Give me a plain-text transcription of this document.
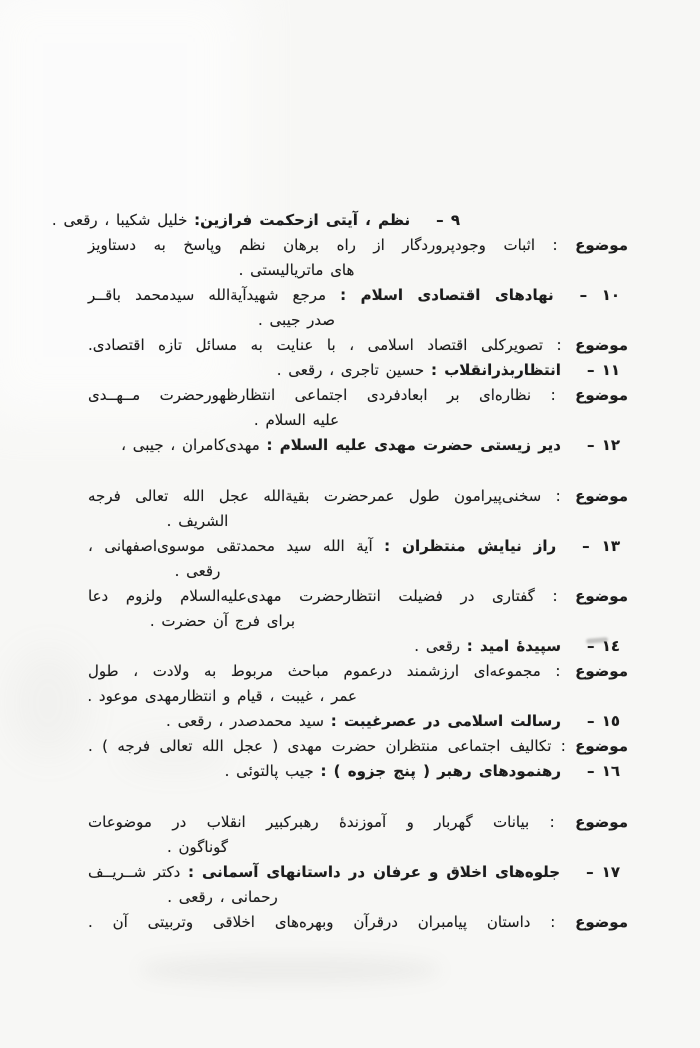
٩ –نظم ، آیتی ازحکمت فرازین: خلیل شکیبا ، رقعی .
موضوع : اثبات وجودپروردگار از راه برهان نظم وپاسخ به دستاویز
های ماتریالیستی .
١٠ –نهادهای اقتصادی اسلام : مرجع شهیدآیة‌الله سیدمحمد باقــر
صدر جیبی .
موضوع : تصویرکلی اقتصاد اسلامی ، با عنایت به مسائل تازه اقتصادی.
١١ –انتظاربذرانقلاب : حسین تاجری ، رقعی .
موضوع : نظاره‌ای بر ابعادفردی اجتماعی انتظارظهورحضرت مــهــدی
علیه السلام .
١٢ –دیر زیستی حضرت مهدی علیه السلام : مهدی‌کامران ، جیبی ،
موضوع : سخنی‌پیرامون طول عمرحضرت بقیة‌الله عجل الله تعالی فرجه
الشریف .
١٣ –راز نیایش منتظران : آیة الله سید محمدتقی موسوی‌اصفهانی ،
رقعی .
موضوع : گفتاری در فضیلت انتظارحضرت مهدی‌علیه‌السلام ولزوم دعا
برای فرج آن حضرت .
١٤ –سپیدهٔ امید : رقعی .
موضوع : مجموعه‌ای ارزشمند درعموم مباحث مربوط به ولادت ، طول
عمر ، غیبت ، قیام و انتظارمهدی موعود .
١٥ –رسالت اسلامی در عصرغیبت : سید محمدصدر ، رقعی .
موضوع : تکالیف اجتماعی منتظران حضرت مهدی ( عجل الله تعالی فرجه ) .
١٦ –رهنمودهای رهبر ( پنج جزوه ) : جیب پالتوئی .
موضوع : بیانات گهربار و آموزندهٔ رهبرکبیر انقلاب در موضوعات
گوناگون .
١٧ –جلوه‌های اخلاق و عرفان در داستانهای آسمانی : دکتر شــریــف
رحمانی ، رقعی .
موضوع : داستان پیامبران درقرآن وبهره‌های اخلاقی وتربیتی آن .
